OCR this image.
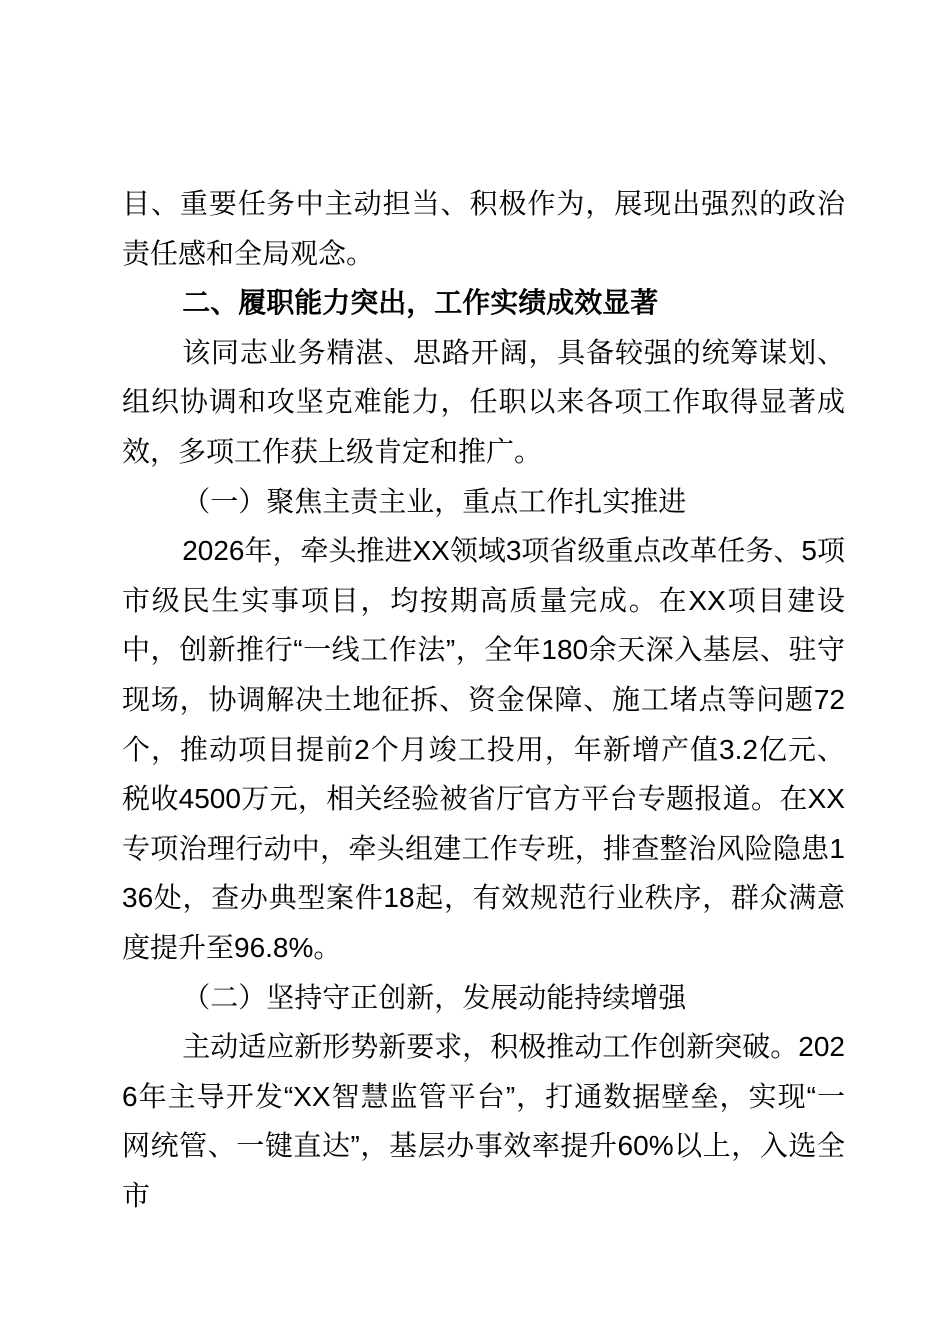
目、重要任务中主动担当、积极作为，展现出强烈的政治责任感和全局观念。

二、履职能力突出，工作实绩成效显著

该同志业务精湛、思路开阔，具备较强的统筹谋划、组织协调和攻坚克难能力，任职以来各项工作取得显著成效，多项工作获上级肯定和推广。

（一）聚焦主责主业，重点工作扎实推进

2026年，牵头推进XX领域3项省级重点改革任务、5项市级民生实事项目，均按期高质量完成。在XX项目建设中，创新推行“一线工作法”，全年180余天深入基层、驻守现场，协调解决土地征拆、资金保障、施工堵点等问题72个，推动项目提前2个月竣工投用，年新增产值3.2亿元、税收4500万元，相关经验被省厅官方平台专题报道。在XX专项治理行动中，牵头组建工作专班，排查整治风险隐患136处，查办典型案件18起，有效规范行业秩序，群众满意度提升至96.8%。

（二）坚持守正创新，发展动能持续增强

主动适应新形势新要求，积极推动工作创新突破。2026年主导开发“XX智慧监管平台”，打通数据壁垒，实现“一网统管、一键直达”，基层办事效率提升60%以上，入选全市
